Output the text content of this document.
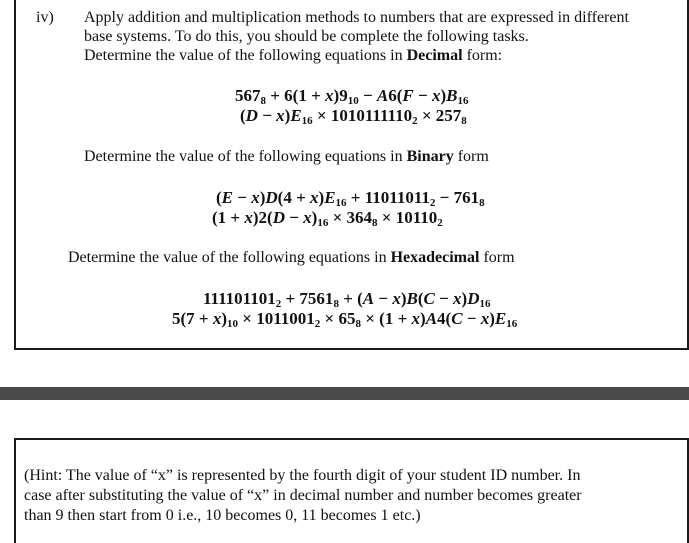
iv) Apply addition and multiplication methods to numbers that are expressed in different
base systems. To do this, you should be complete the following tasks.
Determine the value of the following equations in Decimal form:
$567_8 + 6(1 + x)9_{10} - A6(F - x)B_{16}$
$(D - x)E_{16} \times 1010111110_2 \times 257_8$
Determine the value of the following equations in Binary form
$(E - x)D(4 + x)E_{16} + 11011011_2 - 761_8$
$(1 + x)2(D - x)_{16} \times 364_8 \times 10110_2$
Determine the value of the following equations in Hexadecimal form
$111101101_2 + 7561_8 + (A - x)B(C - x)D_{16}$
$5(7 + x)_{10} \times 1011001_2 \times 65_8 \times (1 + x)A4(C - x)E_{16}$
(Hint: The value of “x” is represented by the fourth digit of your student ID number. In
case after substituting the value of “x” in decimal number and number becomes greater
than 9 then start from 0 i.e., 10 becomes 0, 11 becomes 1 etc.)
